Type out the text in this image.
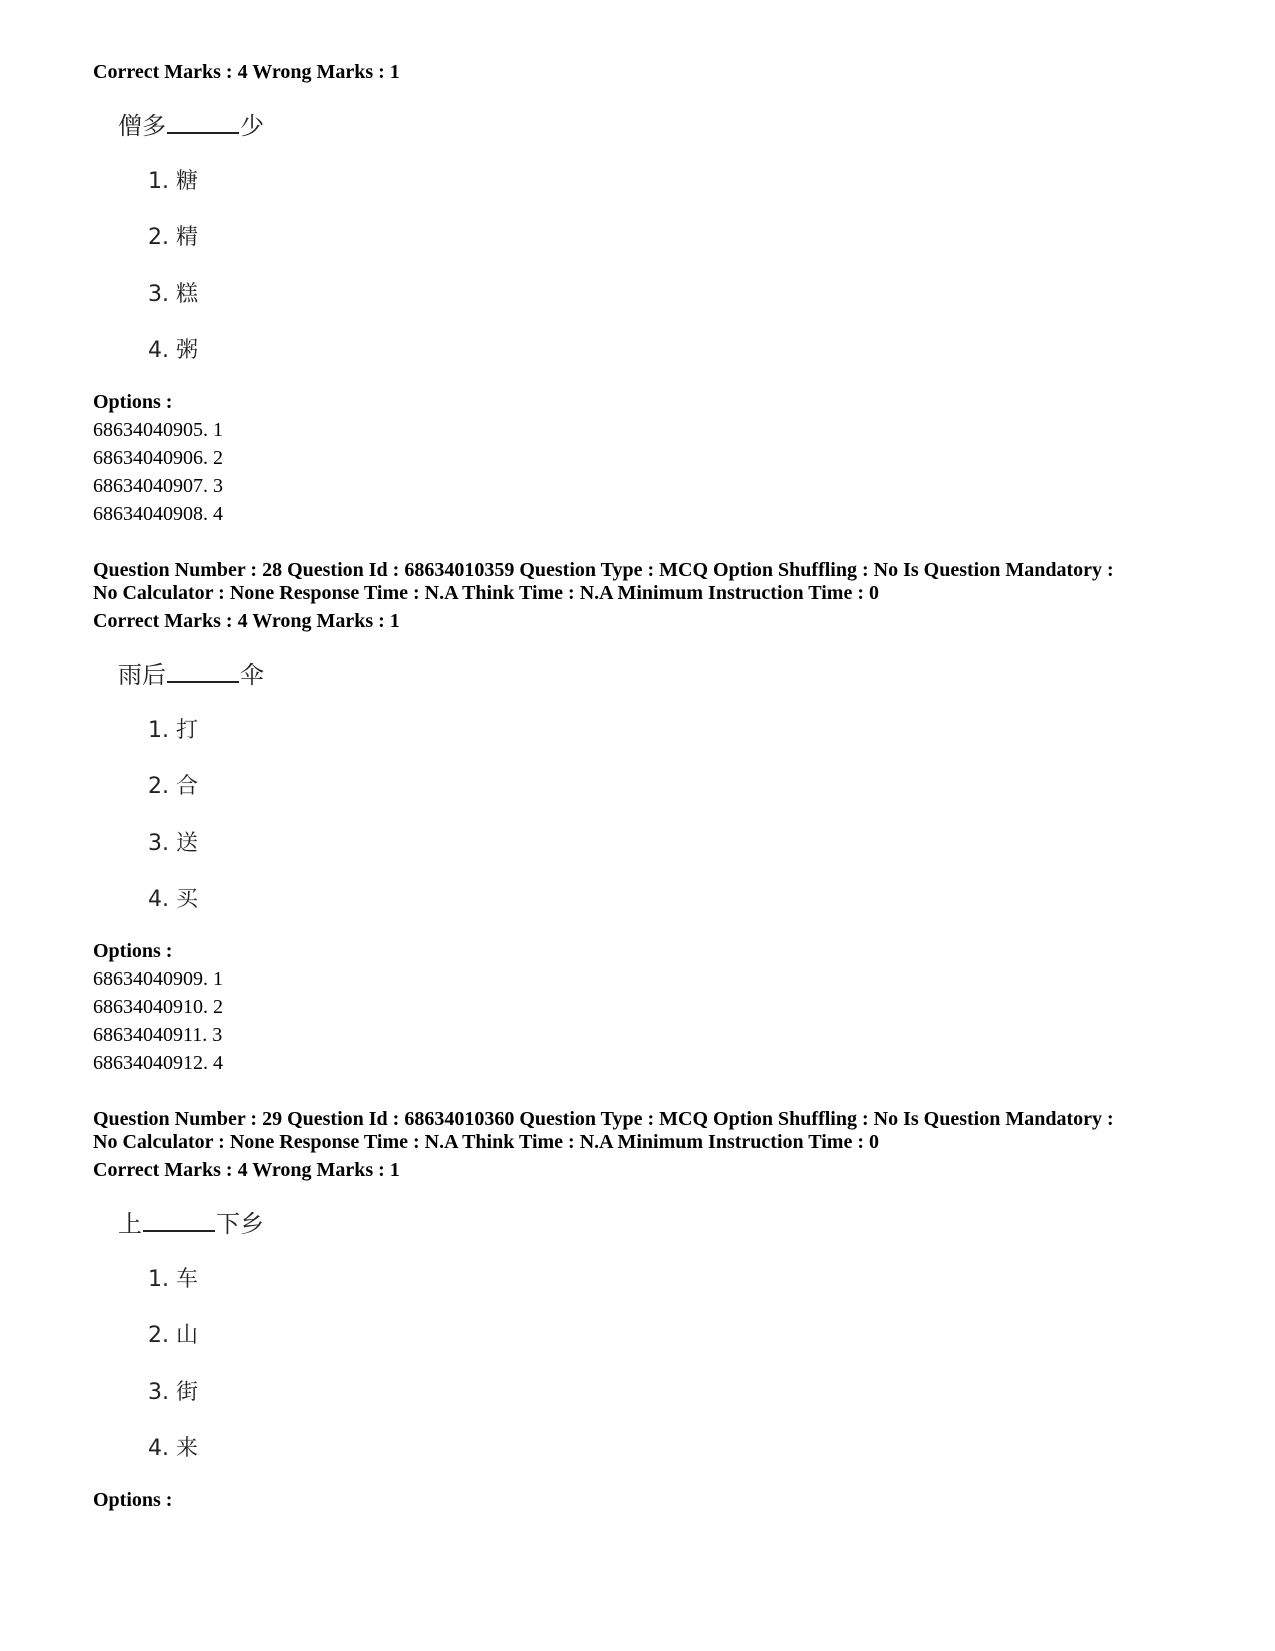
Correct Marks : 4 Wrong Marks : 1
僧多	少
1. 糖
2. 精
3. 糕
4. 粥
Options :
68634040905. 1
68634040906. 2
68634040907. 3
68634040908. 4
Question Number : 28 Question Id : 68634010359 Question Type : MCQ Option Shuffling : No Is Question Mandatory :
No Calculator : None Response Time : N.A Think Time : N.A Minimum Instruction Time : 0
Correct Marks : 4 Wrong Marks : 1
雨后	伞
1. 打
2. 合
3. 送
4. 买
Options :
68634040909. 1
68634040910. 2
68634040911. 3
68634040912. 4
Question Number : 29 Question Id : 68634010360 Question Type : MCQ Option Shuffling : No Is Question Mandatory :
No Calculator : None Response Time : N.A Think Time : N.A Minimum Instruction Time : 0
Correct Marks : 4 Wrong Marks : 1
上	下乡
1. 车
2. 山
3. 街
4. 来
Options :
